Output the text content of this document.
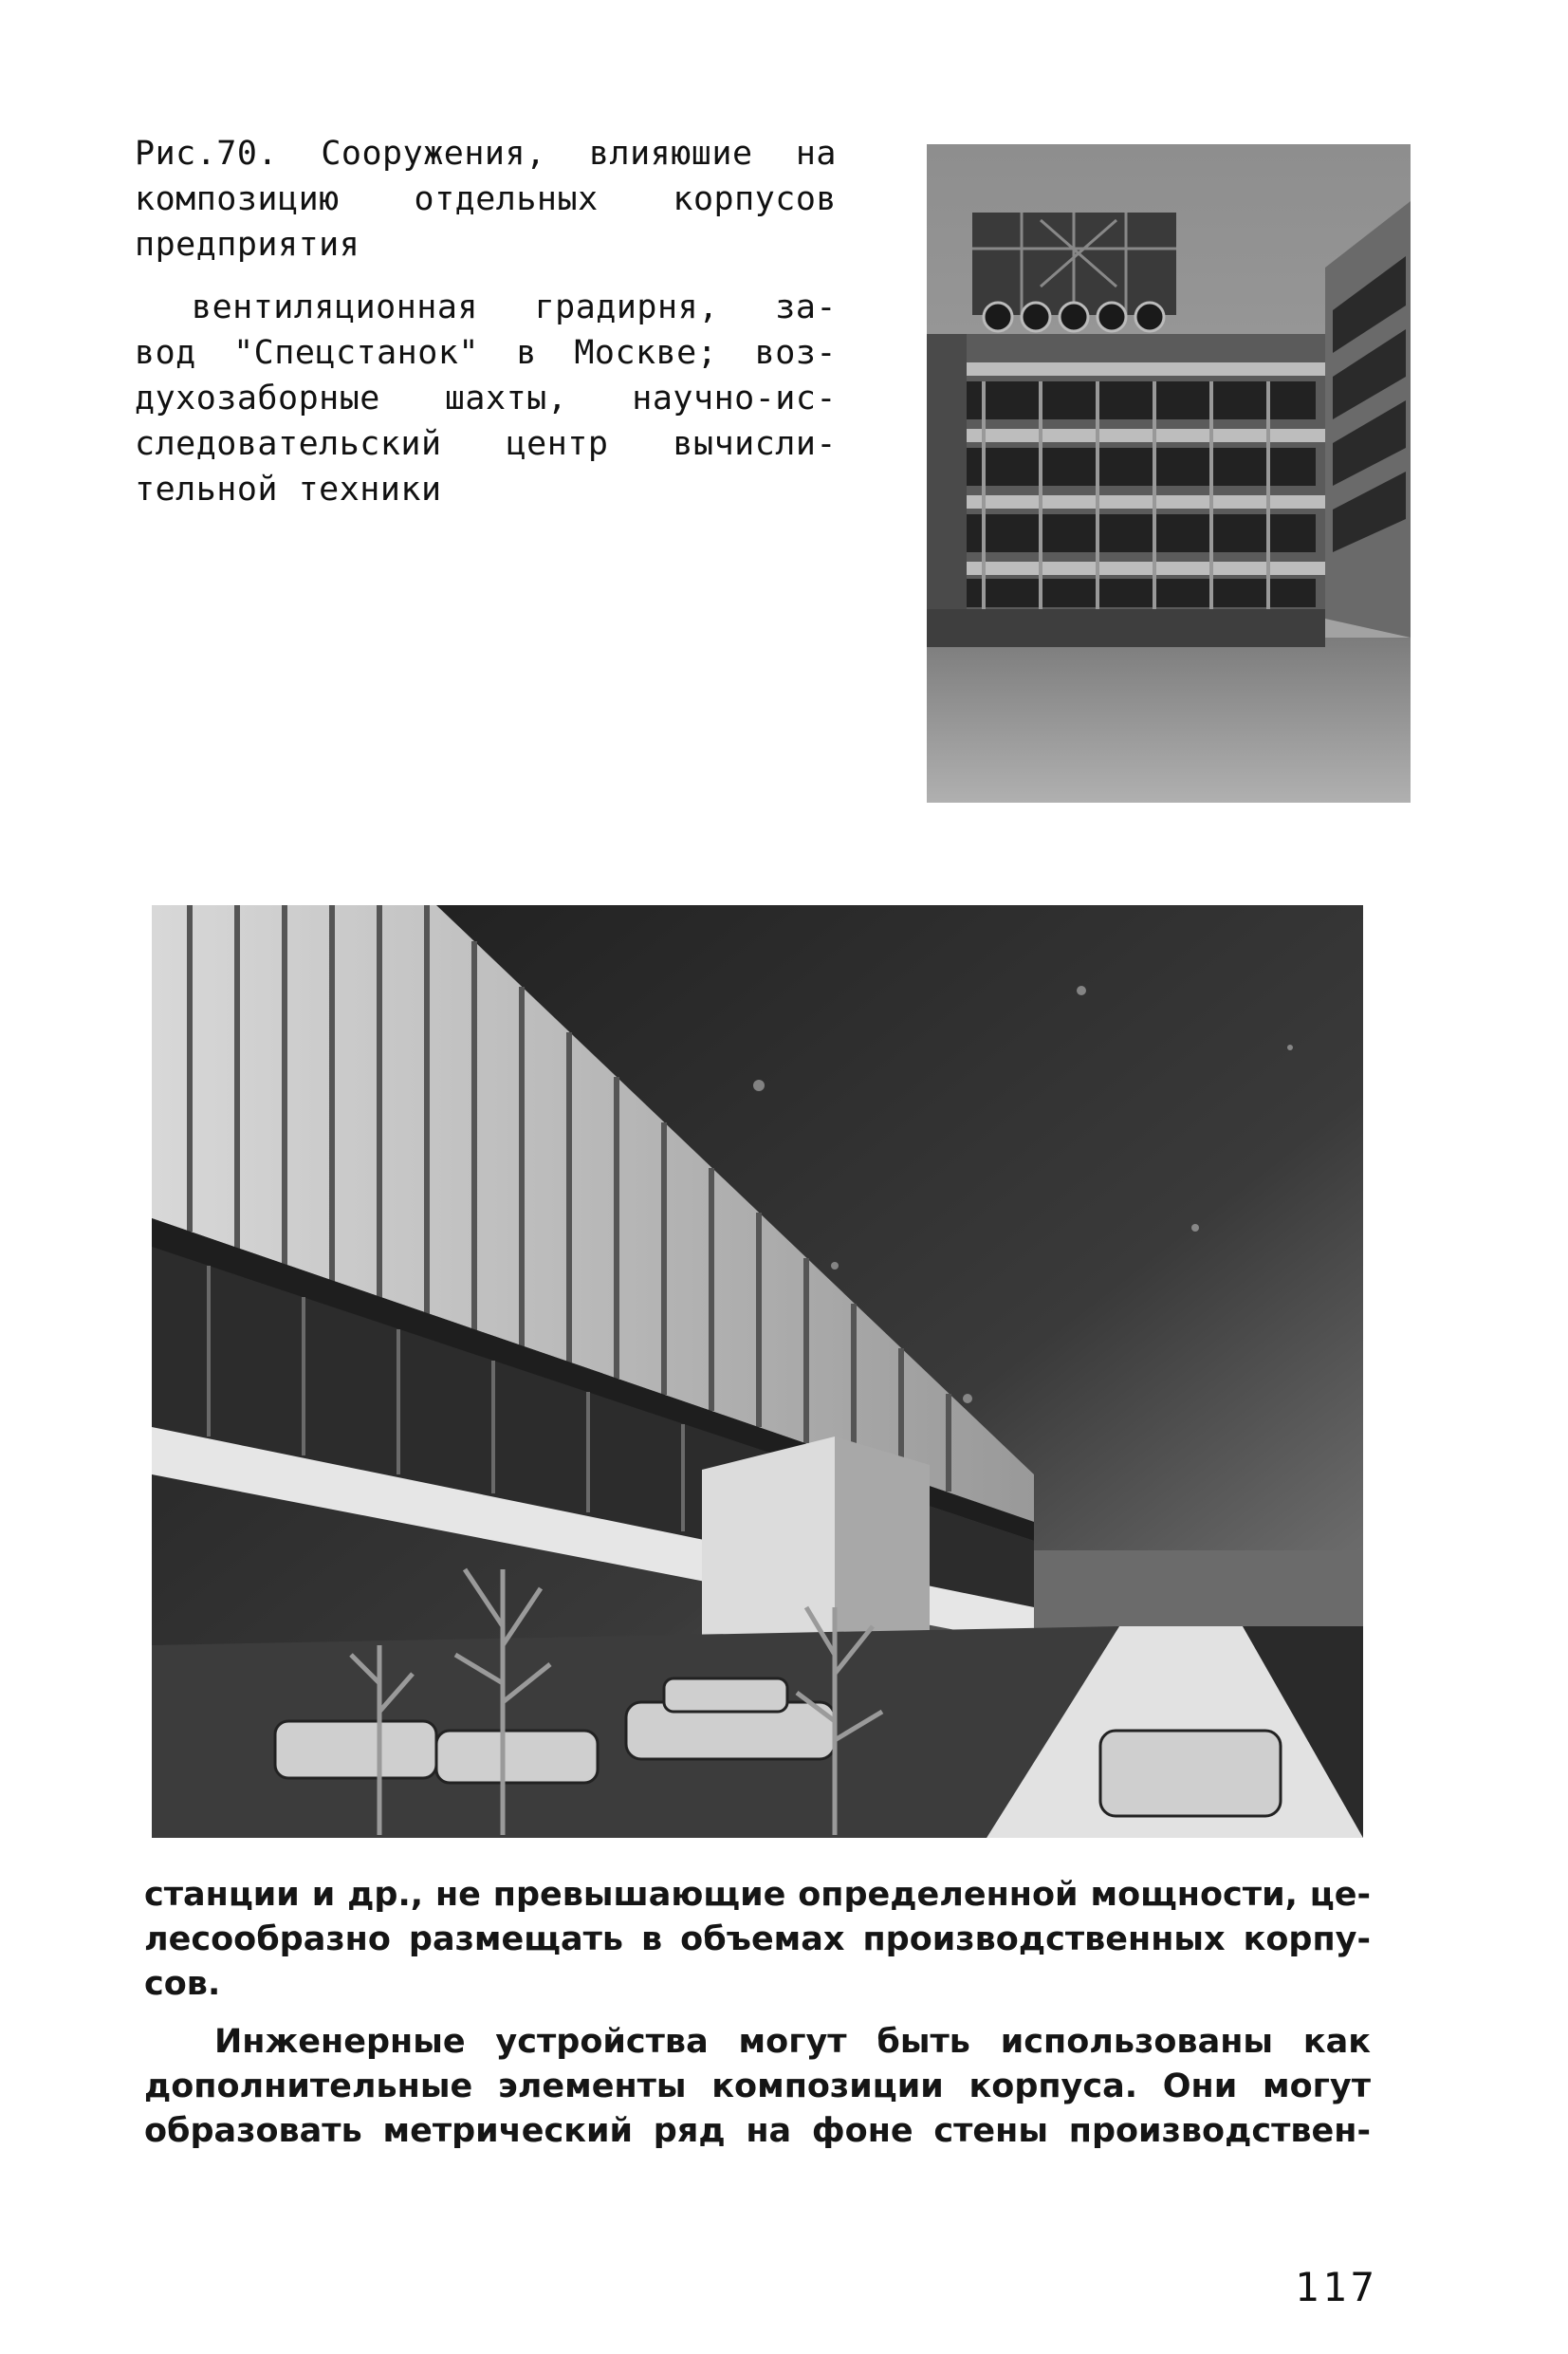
Рис.70. Сооружения, влияюшие на

композицию отдельных корпусов

предприятия

вентиляционная градирня, за-

вод "Спецстанок" в Москве; воз-

духозаборные шахты, научно-ис-

следовательский центр вычисли-

тельной техники

станции и др., не превышающие определенной мощности, це-

лесообразно размещать в объемах производственных корпу-

сов.

Инженерные устройства могут быть использованы как

дополнительные элементы композиции корпуса. Они могут

образовать метрический ряд на фоне стены производствен-

117
